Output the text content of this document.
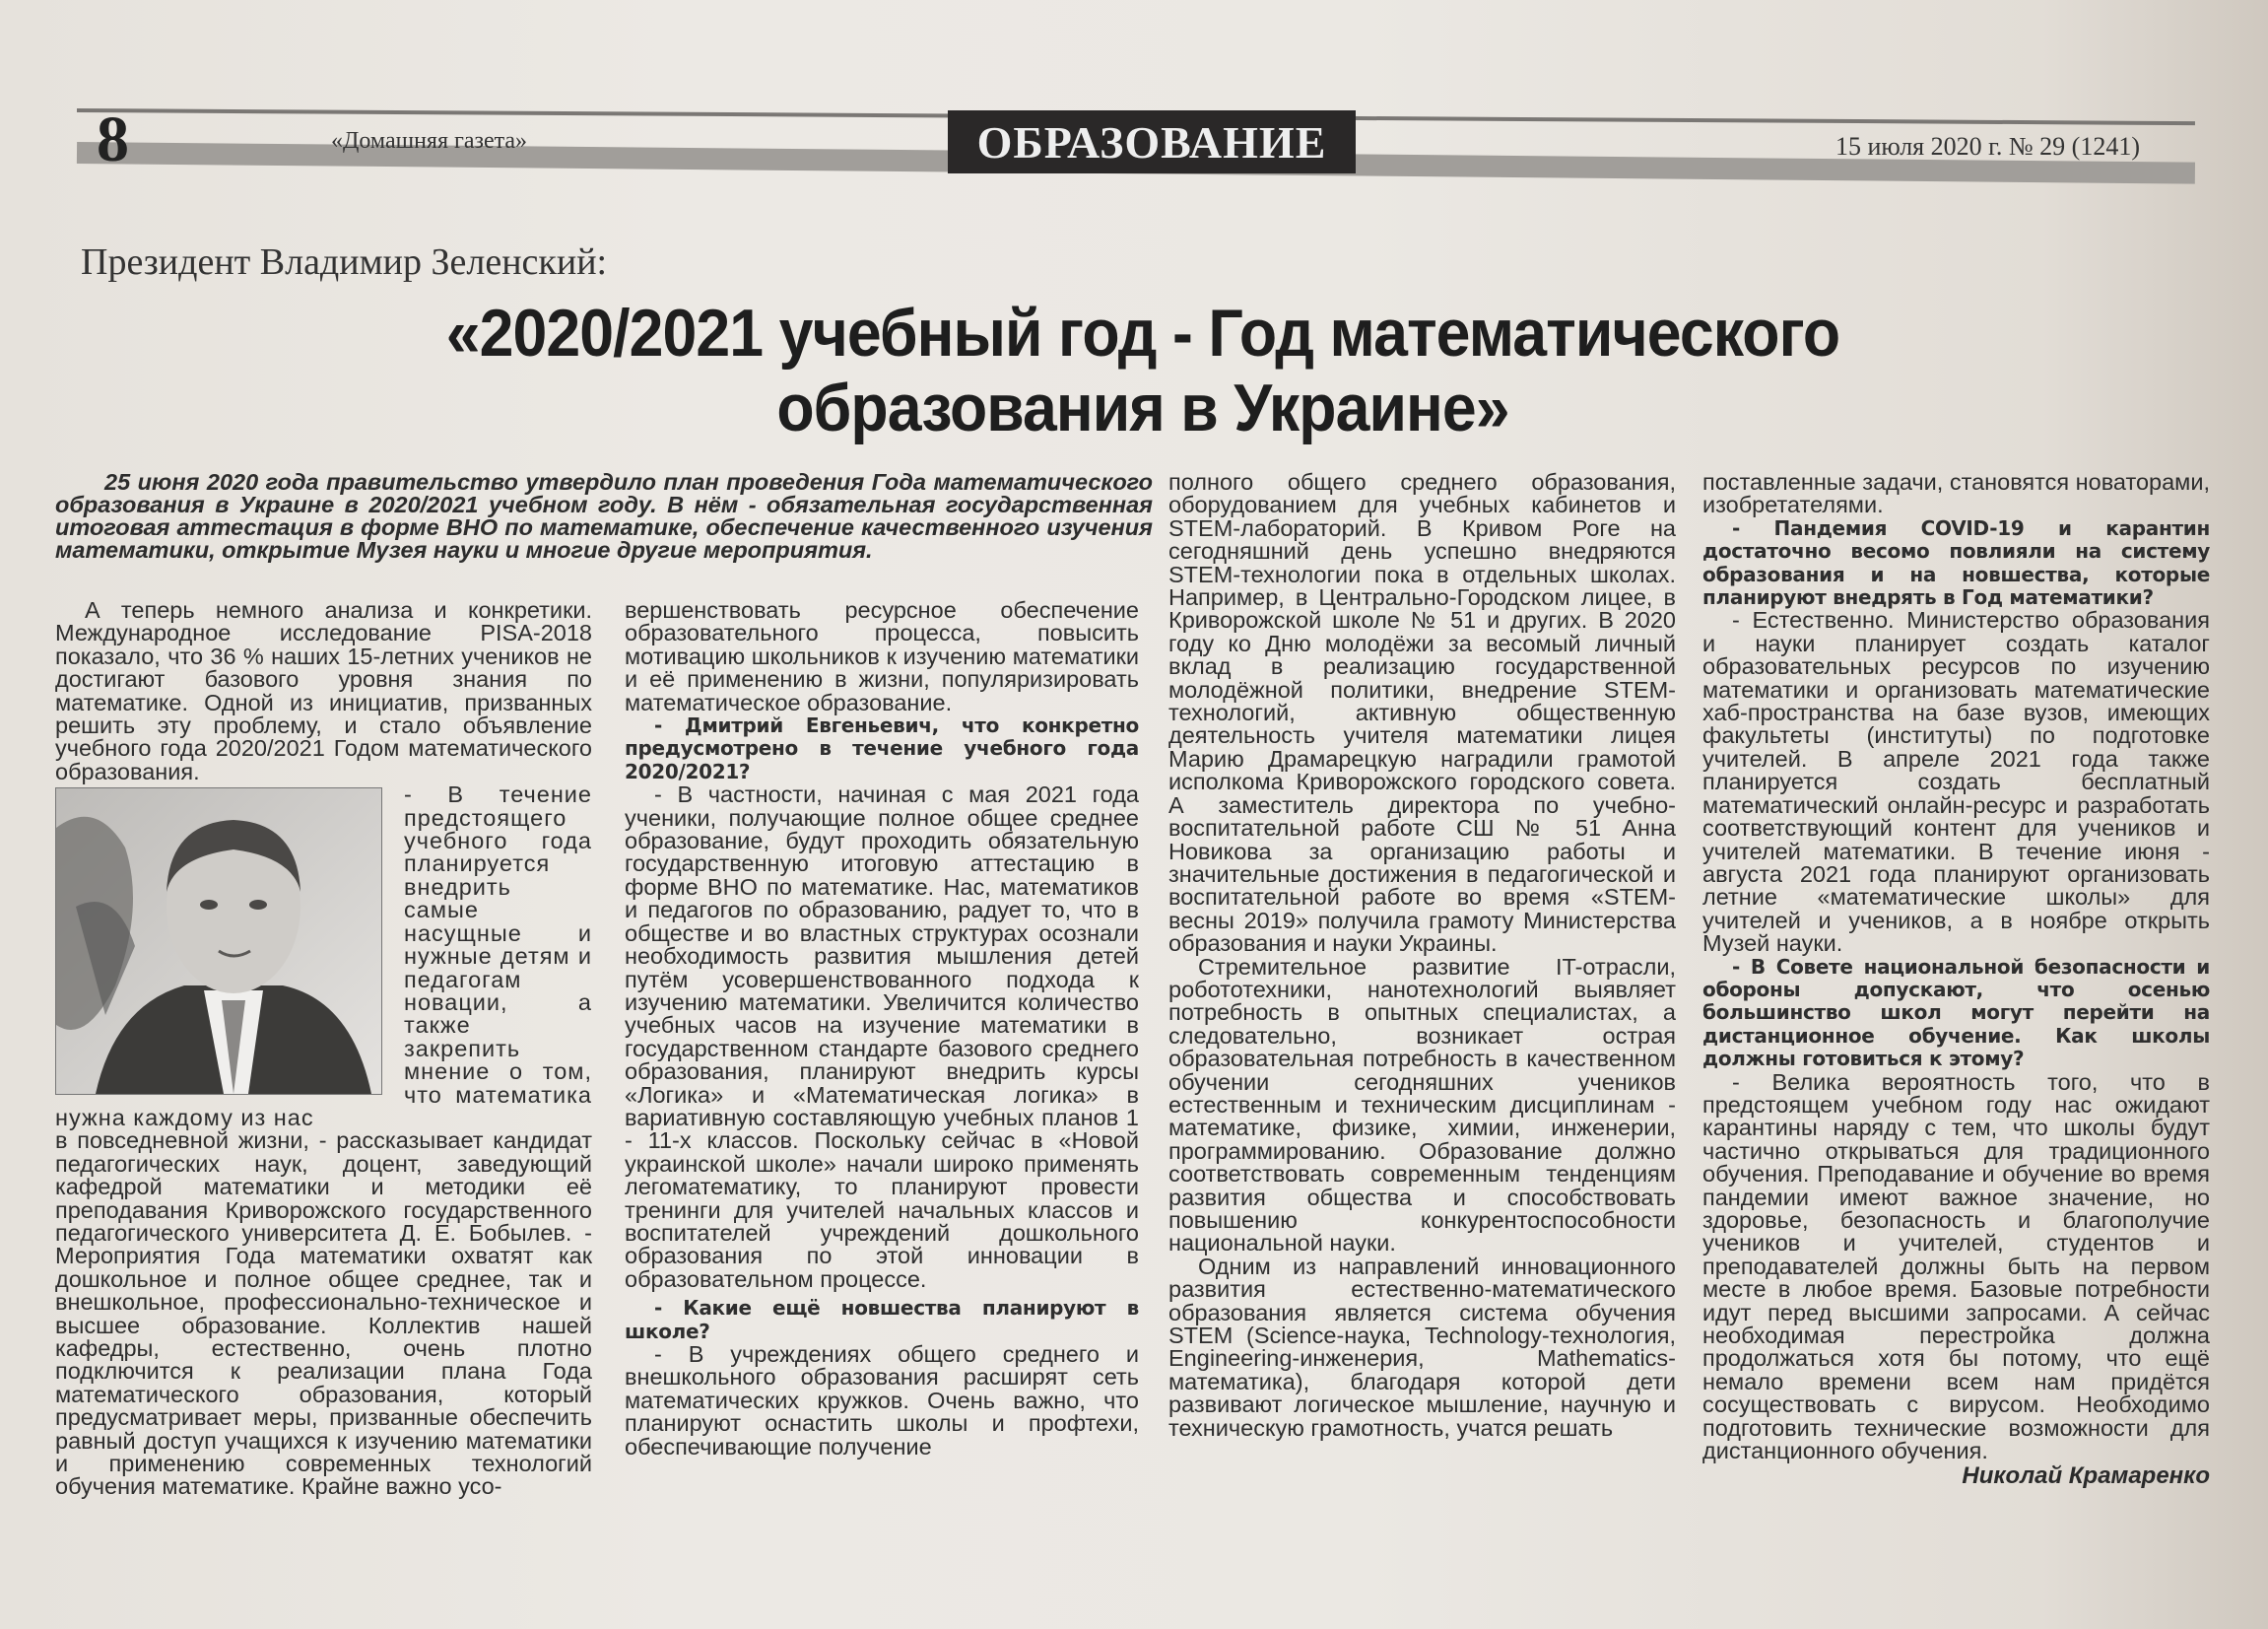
8	«Домашняя газета»	ОБРАЗОВАНИЕ	15 июля 2020 г. № 29 (1241)
Президент Владимир Зеленский:
«2020/2021 учебный год - Год математического
образования в Украине»
25 июня 2020 года правительство утвердило план проведения Года математического образования в Украине в 2020/2021 учебном году. В нём - обязательная государственная итоговая аттестация в форме ВНО по математике, обеспечение качественного изучения математики, открытие Музея науки и многие другие мероприятия.

А теперь немного анализа и конкретики. Международное исследование PISA-2018 показало, что 36 % наших 15-летних учеников не достигают базового уровня знания по математике. Одной из инициатив, призванных решить эту проблему, и стало объявление учебного года 2020/2021 Годом математического образования.

- В течение предстоящего учебного года планируется внедрить самые насущные и нужные детям и педагогам новации, а также закрепить мнение о том, что математика нужна каждому из нас

в повседневной жизни, - рассказывает кандидат педагогических наук, доцент, заведующий кафедрой математики и методики её преподавания Криворожского государственного педагогического университета Д. Е. Бобылев. - Мероприятия Года математики охватят как дошкольное и полное общее среднее, так и внешкольное, профессионально-техническое и высшее образование. Коллектив нашей кафедры, естественно, очень плотно подключится к реализации плана Года математического образования, который предусматривает меры, призванные обеспечить равный доступ учащихся к изучению математики и применению современных технологий обучения математике. Крайне важно усо-

вершенствовать ресурсное обеспечение образовательного процесса, повысить мотивацию школьников к изучению математики и её применению в жизни, популяризировать математическое образование.

- Дмитрий Евгеньевич, что конкретно предусмотрено в течение учебного года 2020/2021?

- В частности, начиная с мая 2021 года ученики, получающие полное общее среднее образование, будут проходить обязательную государственную итоговую аттестацию в форме ВНО по математике. Нас, математиков и педагогов по образованию, радует то, что в обществе и во властных структурах осознали необходимость развития мышления детей путём усовершенствованного подхода к изучению математики. Увеличится количество учебных часов на изучение математики в государственном стандарте базового среднего образования, планируют внедрить курсы «Логика» и «Математическая логика» в вариативную составляющую учебных планов 1 - 11-х классов. Поскольку сейчас в «Новой украинской школе» начали широко применять легоматематику, то планируют провести тренинги для учителей начальных классов и воспитателей учреждений дошкольного образования по этой инновации в образовательном процессе.

- Какие ещё новшества планируют в школе?

- В учреждениях общего среднего и внешкольного образования расширят сеть математических кружков. Очень важно, что планируют оснастить школы и профтехи, обеспечивающие получение

полного общего среднего образования, оборудованием для учебных кабинетов и STEM-лабораторий. В Кривом Роге на сегодняшний день успешно внедряются STEM-технологии пока в отдельных школах. Например, в Центрально-Городском лицее, в Криворожской школе № 51 и других. В 2020 году ко Дню молодёжи за весомый личный вклад в реализацию государственной молодёжной политики, внедрение STEM-технологий, активную общественную деятельность учителя математики лицея Марию Драмарецкую наградили грамотой исполкома Криворожского городского совета. А заместитель директора по учебно-воспитательной работе СШ № 51 Анна Новикова за организацию работы и значительные достижения в педагогической и воспитательной работе во время «STEM-весны 2019» получила грамоту Министерства образования и науки Украины.

Стремительное развитие IT-отрасли, робототехники, нанотехнологий выявляет потребность в опытных специалистах, а следовательно, возникает острая образовательная потребность в качественном обучении сегодняшних учеников естественным и техническим дисциплинам - математике, физике, химии, инженерии, программированию. Образование должно соответствовать современным тенденциям развития общества и способствовать повышению конкурентоспособности национальной науки.

Одним из направлений инновационного развития естественно-математического образования является система обучения STEM (Science-наука, Technology-технология, Engineering-инженерия, Mathematics-математика), благодаря которой дети развивают логическое мышление, научную и техническую грамотность, учатся решать

поставленные задачи, становятся новаторами, изобретателями.

- Пандемия COVID-19 и карантин достаточно весомо повлияли на систему образования и на новшества, которые планируют внедрять в Год математики?

- Естественно. Министерство образования и науки планирует создать каталог образовательных ресурсов по изучению математики и организовать математические хаб-пространства на базе вузов, имеющих факультеты (институты) по подготовке учителей. В апреле 2021 года также планируется создать бесплатный математический онлайн-ресурс и разработать соответствующий контент для учеников и учителей математики. В течение июня - августа 2021 года планируют организовать летние «математические школы» для учителей и учеников, а в ноябре открыть Музей науки.

- В Совете национальной безопасности и обороны допускают, что осенью большинство школ могут перейти на дистанционное обучение. Как школы должны готовиться к этому?

- Велика вероятность того, что в предстоящем учебном году нас ожидают карантины наряду с тем, что школы будут частично открываться для традиционного обучения. Преподавание и обучение во время пандемии имеют важное значение, но здоровье, безопасность и благополучие учеников и учителей, студентов и преподавателей должны быть на первом месте в любое время. Базовые потребности идут перед высшими запросами. А сейчас необходимая перестройка должна продолжаться хотя бы потому, что ещё немало времени всем нам придётся сосуществовать с вирусом. Необходимо подготовить технические возможности для дистанционного обучения.

Николай Крамаренко
